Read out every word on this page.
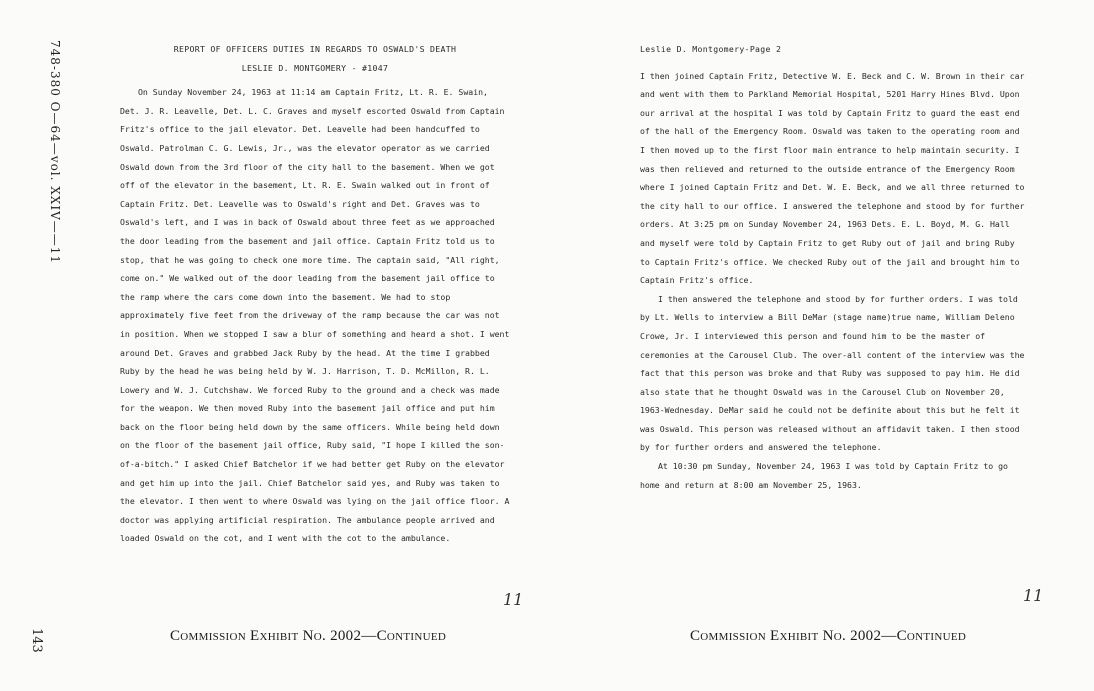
748-380 O—64—vol. XXIV——11
143
REPORT OF OFFICERS DUTIES IN REGARDS TO OSWALD'S DEATH
LESLIE D. MONTGOMERY - #1047

On Sunday November 24, 1963 at 11:14 am Captain Fritz, Lt. R. E. Swain, Det. J. R. Leavelle, Det. L. C. Graves and myself escorted Oswald from Captain Fritz's office to the jail elevator. Det. Leavelle had been handcuffed to Oswald. Patrolman C. G. Lewis, Jr., was the elevator operator as we carried Oswald down from the 3rd floor of the city hall to the basement. When we got off of the elevator in the basement, Lt. R. E. Swain walked out in front of Captain Fritz. Det. Leavelle was to Oswald's right and Det. Graves was to Oswald's left, and I was in back of Oswald about three feet as we approached the door leading from the basement and jail office. Captain Fritz told us to stop, that he was going to check one more time. The captain said, "All right, come on." We walked out of the door leading from the basement jail office to the ramp where the cars come down into the basement. We had to stop approximately five feet from the driveway of the ramp because the car was not in position. When we stopped I saw a blur of something and heard a shot. I went around Det. Graves and grabbed Jack Ruby by the head. At the time I grabbed Ruby by the head he was being held by W. J. Harrison, T. D. McMillon, R. L. Lowery and W. J. Cutchshaw. We forced Ruby to the ground and a check was made for the weapon. We then moved Ruby into the basement jail office and put him back on the floor being held down by the same officers. While being held down on the floor of the basement jail office, Ruby said, "I hope I killed the son-of-a-bitch." I asked Chief Batchelor if we had better get Ruby on the elevator and get him up into the jail. Chief Batchelor said yes, and Ruby was taken to the elevator. I then went to where Oswald was lying on the jail office floor. A doctor was applying artificial respiration. The ambulance people arrived and loaded Oswald on the cot, and I went with the cot to the ambulance.

Leslie D. Montgomery-Page 2

I then joined Captain Fritz, Detective W. E. Beck and C. W. Brown in their car and went with them to Parkland Memorial Hospital, 5201 Harry Hines Blvd. Upon our arrival at the hospital I was told by Captain Fritz to guard the east end of the hall of the Emergency Room. Oswald was taken to the operating room and I then moved up to the first floor main entrance to help maintain security. I was then relieved and returned to the outside entrance of the Emergency Room where I joined Captain Fritz and Det. W. E. Beck, and we all three returned to the city hall to our office. I answered the telephone and stood by for further orders. At 3:25 pm on Sunday November 24, 1963 Dets. E. L. Boyd, M. G. Hall and myself were told by Captain Fritz to get Ruby out of jail and bring Ruby to Captain Fritz's office. We checked Ruby out of the jail and brought him to Captain Fritz's office.

I then answered the telephone and stood by for further orders. I was told by Lt. Wells to interview a Bill DeMar (stage name)true name, William Deleno Crowe, Jr. I interviewed this person and found him to be the master of ceremonies at the Carousel Club. The over-all content of the interview was the fact that this person was broke and that Ruby was supposed to pay him. He did also state that he thought Oswald was in the Carousel Club on November 20, 1963-Wednesday. DeMar said he could not be definite about this but he felt it was Oswald. This person was released without an affidavit taken. I then stood by for further orders and answered the telephone.

At 10:30 pm Sunday, November 24, 1963 I was told by Captain Fritz to go home and return at 8:00 am November 25, 1963.

11	11
Commission Exhibit No. 2002—Continued	Commission Exhibit No. 2002—Continued
